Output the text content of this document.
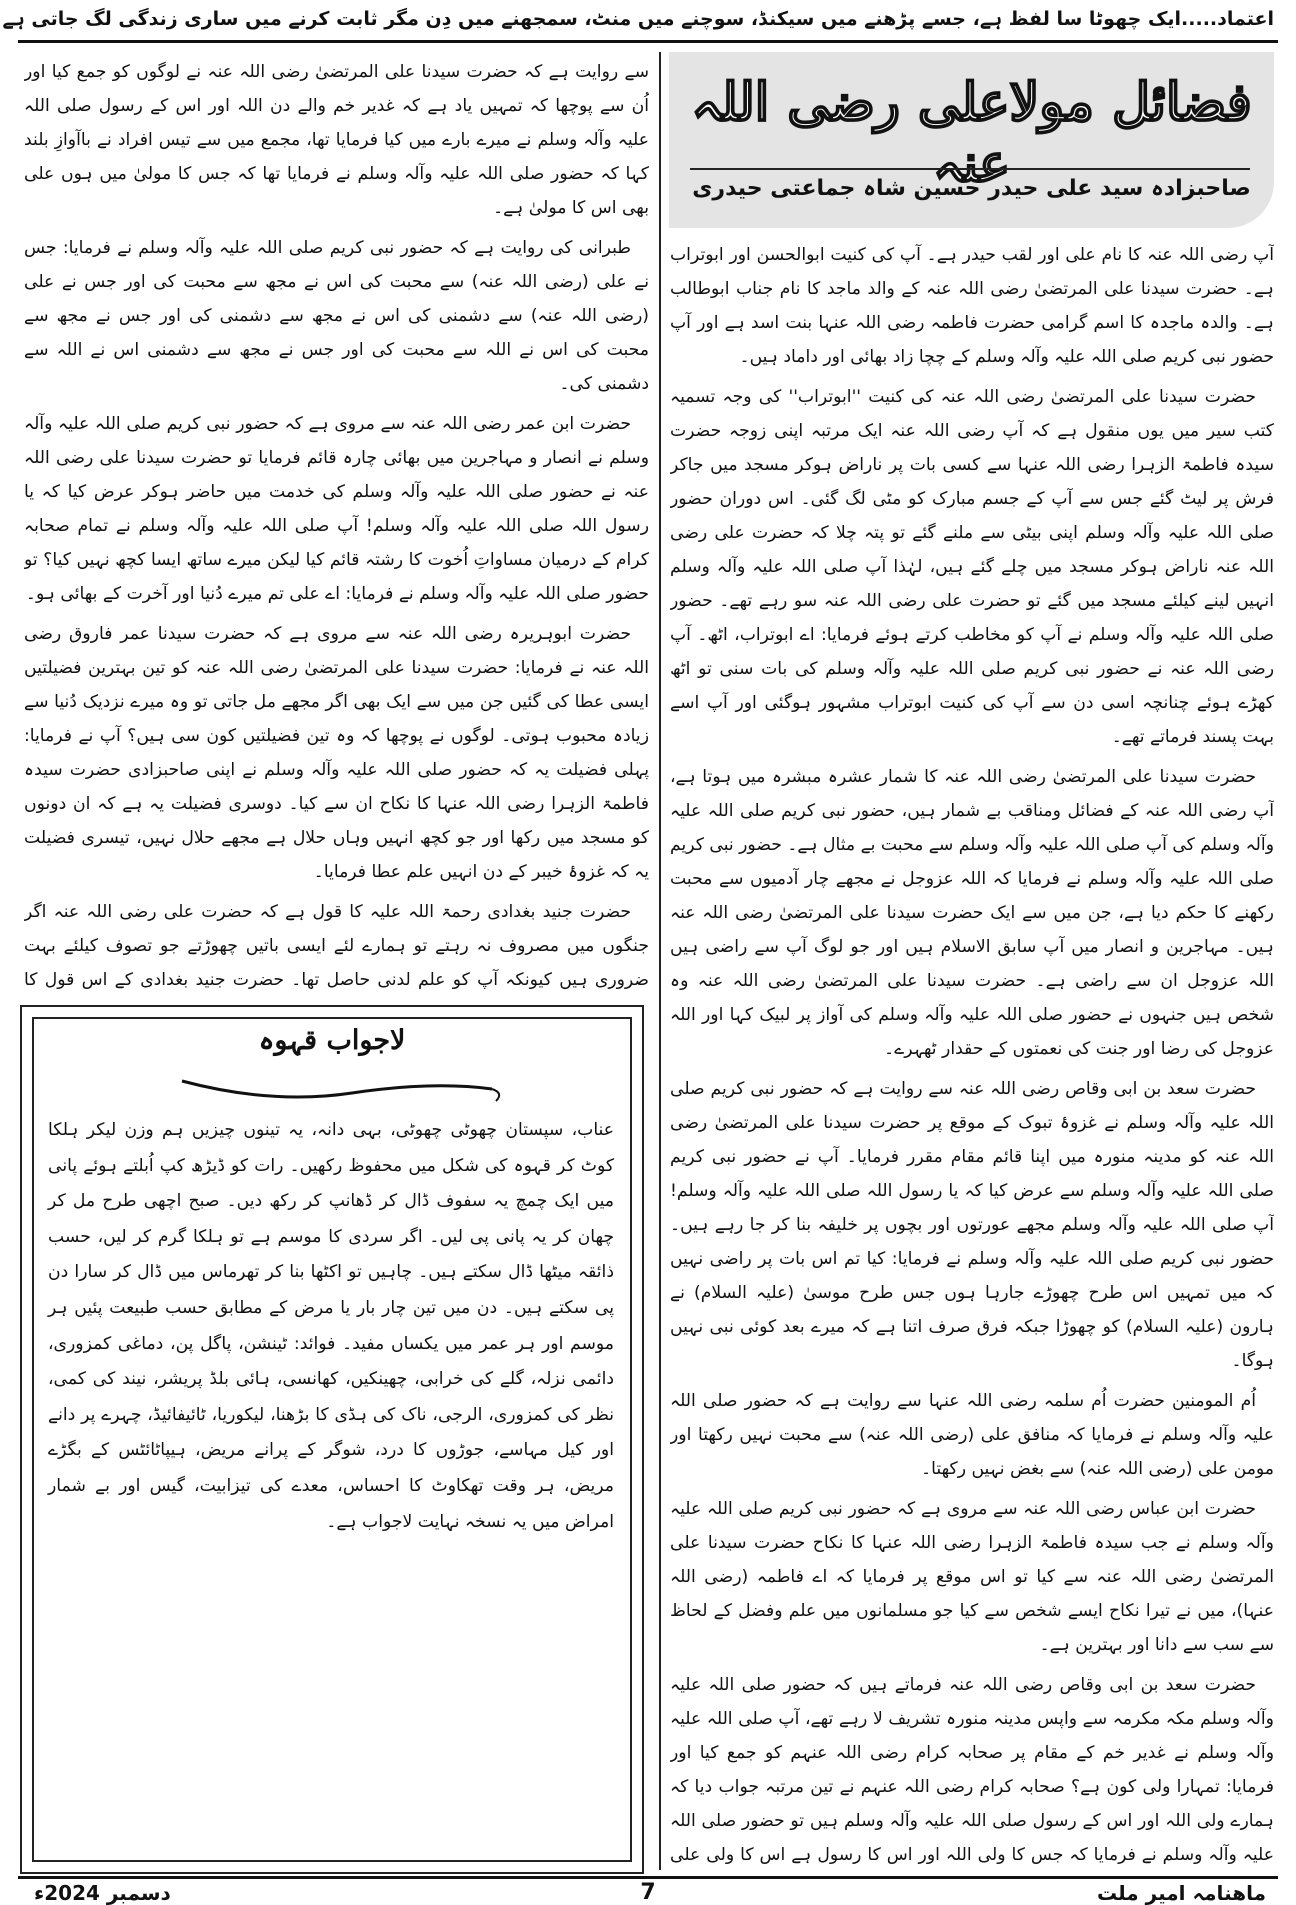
اعتماد.....ایک چھوٹا سا لفظ ہے، جسے پڑھنے میں سیکنڈ، سوچنے میں منٹ، سمجھنے میں دِن مگر ثابت کرنے میں ساری زندگی لگ جاتی ہے
فضائل مولاعلی رضی اللہ عنہ
صاحبزادہ سید علی حیدر حسین شاہ جماعتی حیدری

آپ رضی اللہ عنہ کا نام علی اور لقب حیدر ہے۔ آپ کی کنیت ابوالحسن اور ابوتراب ہے۔ حضرت سیدنا علی المرتضیٰ رضی اللہ عنہ کے والد ماجد کا نام جناب ابوطالب ہے۔ والدہ ماجدہ کا اسم گرامی حضرت فاطمہ رضی اللہ عنہا بنت اسد ہے اور آپ حضور نبی کریم صلی اللہ علیہ وآلہ وسلم کے چچا زاد بھائی اور داماد ہیں۔

حضرت سیدنا علی المرتضیٰ رضی اللہ عنہ کی کنیت ''ابوتراب'' کی وجہ تسمیہ کتب سیر میں یوں منقول ہے کہ آپ رضی اللہ عنہ ایک مرتبہ اپنی زوجہ حضرت سیدہ فاطمۃ الزہرا رضی اللہ عنہا سے کسی بات پر ناراض ہوکر مسجد میں جاکر فرش پر لیٹ گئے جس سے آپ کے جسم مبارک کو مٹی لگ گئی۔ اس دوران حضور صلی اللہ علیہ وآلہ وسلم اپنی بیٹی سے ملنے گئے تو پتہ چلا کہ حضرت علی رضی اللہ عنہ ناراض ہوکر مسجد میں چلے گئے ہیں، لہٰذا آپ صلی اللہ علیہ وآلہ وسلم انہیں لینے کیلئے مسجد میں گئے تو حضرت علی رضی اللہ عنہ سو رہے تھے۔ حضور صلی اللہ علیہ وآلہ وسلم نے آپ کو مخاطب کرتے ہوئے فرمایا: اے ابوتراب، اٹھ۔ آپ رضی اللہ عنہ نے حضور نبی کریم صلی اللہ علیہ وآلہ وسلم کی بات سنی تو اٹھ کھڑے ہوئے چنانچہ اسی دن سے آپ کی کنیت ابوتراب مشہور ہوگئی اور آپ اسے بہت پسند فرماتے تھے۔

حضرت سیدنا علی المرتضیٰ رضی اللہ عنہ کا شمار عشرہ مبشرہ میں ہوتا ہے، آپ رضی اللہ عنہ کے فضائل ومناقب بے شمار ہیں، حضور نبی کریم صلی اللہ علیہ وآلہ وسلم کی آپ صلی اللہ علیہ وآلہ وسلم سے محبت بے مثال ہے۔ حضور نبی کریم صلی اللہ علیہ وآلہ وسلم نے فرمایا کہ اللہ عزوجل نے مجھے چار آدمیوں سے محبت رکھنے کا حکم دیا ہے، جن میں سے ایک حضرت سیدنا علی المرتضیٰ رضی اللہ عنہ ہیں۔ مہاجرین و انصار میں آپ سابق الاسلام ہیں اور جو لوگ آپ سے راضی ہیں اللہ عزوجل ان سے راضی ہے۔ حضرت سیدنا علی المرتضیٰ رضی اللہ عنہ وہ شخص ہیں جنہوں نے حضور صلی اللہ علیہ وآلہ وسلم کی آواز پر لبیک کہا اور اللہ عزوجل کی رضا اور جنت کی نعمتوں کے حقدار ٹھہرے۔

حضرت سعد بن ابی وقاص رضی اللہ عنہ سے روایت ہے کہ حضور نبی کریم صلی اللہ علیہ وآلہ وسلم نے غزوۂ تبوک کے موقع پر حضرت سیدنا علی المرتضیٰ رضی اللہ عنہ کو مدینہ منورہ میں اپنا قائم مقام مقرر فرمایا۔ آپ نے حضور نبی کریم صلی اللہ علیہ وآلہ وسلم سے عرض کیا کہ یا رسول اللہ صلی اللہ علیہ وآلہ وسلم! آپ صلی اللہ علیہ وآلہ وسلم مجھے عورتوں اور بچوں پر خلیفہ بنا کر جا رہے ہیں۔ حضور نبی کریم صلی اللہ علیہ وآلہ وسلم نے فرمایا: کیا تم اس بات پر راضی نہیں کہ میں تمہیں اس طرح چھوڑے جارہا ہوں جس طرح موسیٰ (علیہ السلام) نے ہارون (علیہ السلام) کو چھوڑا جبکہ فرق صرف اتنا ہے کہ میرے بعد کوئی نبی نہیں ہوگا۔

اُم المومنین حضرت اُم سلمہ رضی اللہ عنہا سے روایت ہے کہ حضور صلی اللہ علیہ وآلہ وسلم نے فرمایا کہ منافق علی (رضی اللہ عنہ) سے محبت نہیں رکھتا اور مومن علی (رضی اللہ عنہ) سے بغض نہیں رکھتا۔

حضرت ابن عباس رضی اللہ عنہ سے مروی ہے کہ حضور نبی کریم صلی اللہ علیہ وآلہ وسلم نے جب سیدہ فاطمۃ الزہرا رضی اللہ عنہا کا نکاح حضرت سیدنا علی المرتضیٰ رضی اللہ عنہ سے کیا تو اس موقع پر فرمایا کہ اے فاطمہ (رضی اللہ عنہا)، میں نے تیرا نکاح ایسے شخص سے کیا جو مسلمانوں میں علم وفضل کے لحاظ سے سب سے دانا اور بہترین ہے۔

حضرت سعد بن ابی وقاص رضی اللہ عنہ فرماتے ہیں کہ حضور صلی اللہ علیہ وآلہ وسلم مکہ مکرمہ سے واپس مدینہ منورہ تشریف لا رہے تھے، آپ صلی اللہ علیہ وآلہ وسلم نے غدیر خم کے مقام پر صحابہ کرام رضی اللہ عنہم کو جمع کیا اور فرمایا: تمہارا ولی کون ہے؟ صحابہ کرام رضی اللہ عنہم نے تین مرتبہ جواب دیا کہ ہمارے ولی اللہ اور اس کے رسول صلی اللہ علیہ وآلہ وسلم ہیں تو حضور صلی اللہ علیہ وآلہ وسلم نے فرمایا کہ جس کا ولی اللہ اور اس کا رسول ہے اس کا ولی علی

سے روایت ہے کہ حضرت سیدنا علی المرتضیٰ رضی اللہ عنہ نے لوگوں کو جمع کیا اور اُن سے پوچھا کہ تمہیں یاد ہے کہ غدیر خم والے دن اللہ اور اس کے رسول صلی اللہ علیہ وآلہ وسلم نے میرے بارے میں کیا فرمایا تھا، مجمع میں سے تیس افراد نے باآوازِ بلند کہا کہ حضور صلی اللہ علیہ وآلہ وسلم نے فرمایا تھا کہ جس کا مولیٰ میں ہوں علی بھی اس کا مولیٰ ہے۔

طبرانی کی روایت ہے کہ حضور نبی کریم صلی اللہ علیہ وآلہ وسلم نے فرمایا: جس نے علی (رضی اللہ عنہ) سے محبت کی اس نے مجھ سے محبت کی اور جس نے علی (رضی اللہ عنہ) سے دشمنی کی اس نے مجھ سے دشمنی کی اور جس نے مجھ سے محبت کی اس نے اللہ سے محبت کی اور جس نے مجھ سے دشمنی اس نے اللہ سے دشمنی کی۔

حضرت ابن عمر رضی اللہ عنہ سے مروی ہے کہ حضور نبی کریم صلی اللہ علیہ وآلہ وسلم نے انصار و مہاجرین میں بھائی چارہ قائم فرمایا تو حضرت سیدنا علی رضی اللہ عنہ نے حضور صلی اللہ علیہ وآلہ وسلم کی خدمت میں حاضر ہوکر عرض کیا کہ یا رسول اللہ صلی اللہ علیہ وآلہ وسلم! آپ صلی اللہ علیہ وآلہ وسلم نے تمام صحابہ کرام کے درمیان مساواتِ اُخوت کا رشتہ قائم کیا لیکن میرے ساتھ ایسا کچھ نہیں کیا؟ تو حضور صلی اللہ علیہ وآلہ وسلم نے فرمایا: اے علی تم میرے دُنیا اور آخرت کے بھائی ہو۔

حضرت ابوہریرہ رضی اللہ عنہ سے مروی ہے کہ حضرت سیدنا عمر فاروق رضی اللہ عنہ نے فرمایا: حضرت سیدنا علی المرتضیٰ رضی اللہ عنہ کو تین بہترین فضیلتیں ایسی عطا کی گئیں جن میں سے ایک بھی اگر مجھے مل جاتی تو وہ میرے نزدیک دُنیا سے زیادہ محبوب ہوتی۔ لوگوں نے پوچھا کہ وہ تین فضیلتیں کون سی ہیں؟ آپ نے فرمایا: پہلی فضیلت یہ کہ حضور صلی اللہ علیہ وآلہ وسلم نے اپنی صاحبزادی حضرت سیدہ فاطمۃ الزہرا رضی اللہ عنہا کا نکاح ان سے کیا۔ دوسری فضیلت یہ ہے کہ ان دونوں کو مسجد میں رکھا اور جو کچھ انہیں وہاں حلال ہے مجھے حلال نہیں، تیسری فضیلت یہ کہ غزوۂ خیبر کے دن انہیں علم عطا فرمایا۔

حضرت جنید بغدادی رحمۃ اللہ علیہ کا قول ہے کہ حضرت علی رضی اللہ عنہ اگر جنگوں میں مصروف نہ رہتے تو ہمارے لئے ایسی باتیں چھوڑتے جو تصوف کیلئے بہت ضروری ہیں کیونکہ آپ کو علم لدنی حاصل تھا۔ حضرت جنید بغدادی کے اس قول کا

لاجواب قہوہ
عناب، سپستان چھوٹی چھوٹی، بہی دانہ، یہ تینوں چیزیں ہم وزن لیکر ہلکا کوٹ کر قہوہ کی شکل میں محفوظ رکھیں۔ رات کو ڈیڑھ کپ اُبلتے ہوئے پانی میں ایک چمچ یہ سفوف ڈال کر ڈھانپ کر رکھ دیں۔ صبح اچھی طرح مل کر چھان کر یہ پانی پی لیں۔ اگر سردی کا موسم ہے تو ہلکا گرم کر لیں، حسب ذائقہ میٹھا ڈال سکتے ہیں۔ چاہیں تو اکٹھا بنا کر تھرماس میں ڈال کر سارا دن پی سکتے ہیں۔ دن میں تین چار بار یا مرض کے مطابق حسب طبیعت پئیں ہر موسم اور ہر عمر میں یکساں مفید۔ فوائد: ٹینشن، پاگل پن، دماغی کمزوری، دائمی نزلہ، گلے کی خرابی، چھینکیں، کھانسی، ہائی بلڈ پریشر، نیند کی کمی، نظر کی کمزوری، الرجی، ناک کی ہڈی کا بڑھنا، لیکوریا، ٹائیفائیڈ، چہرے پر دانے اور کیل مہاسے، جوڑوں کا درد، شوگر کے پرانے مریض، ہیپاٹائٹس کے بگڑے مریض، ہر وقت تھکاوٹ کا احساس، معدے کی تیزابیت، گیس اور بے شمار امراض میں یہ نسخہ نہایت لاجواب ہے۔
ماھنامہ امیر ملت
7
دسمبر 2024ء
